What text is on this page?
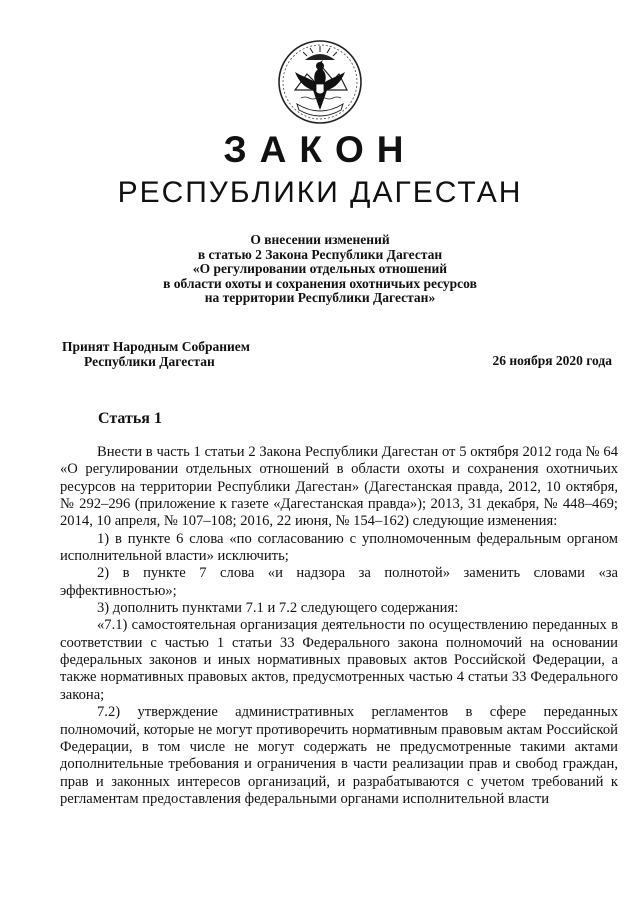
ЗАКОН
РЕСПУБЛИКИ ДАГЕСТАН
О внесении изменений
в статью 2 Закона Республики Дагестан
«О регулировании отдельных отношений
в области охоты и сохранения охотничьих ресурсов
на территории Республики Дагестан»
Принят Народным Собранием
Республики Дагестан	26 ноября 2020 года
Статья 1

Внести в часть 1 статьи 2 Закона Республики Дагестан от 5 октября 2012 года № 64 «О регулировании отдельных отношений в области охоты и сохранения охотничьих ресурсов на территории Республики Дагестан» (Дагестанская правда, 2012, 10 октября, № 292–296 (приложение к газете «Дагестанская правда»); 2013, 31 декабря, № 448–469; 2014, 10 апреля, № 107–108; 2016, 22 июня, № 154–162) следующие изменения:

1) в пункте 6 слова «по согласованию с уполномоченным федеральным органом исполнительной власти» исключить;

2) в пункте 7 слова «и надзора за полнотой» заменить словами «за эффективностью»;

3) дополнить пунктами 7.1 и 7.2 следующего содержания:

«7.1) самостоятельная организация деятельности по осуществлению переданных в соответствии с частью 1 статьи 33 Федерального закона полномочий на основании федеральных законов и иных нормативных правовых актов Российской Федерации, а также нормативных правовых актов, предусмотренных частью 4 статьи 33 Федерального закона;

7.2) утверждение административных регламентов в сфере переданных полномочий, которые не могут противоречить нормативным правовым актам Российской Федерации, в том числе не могут содержать не предусмотренные такими актами дополнительные требования и ограничения в части реализации прав и свобод граждан, прав и законных интересов организаций, и разрабатываются с учетом требований к регламентам предоставления федеральными органами исполнительной власти
